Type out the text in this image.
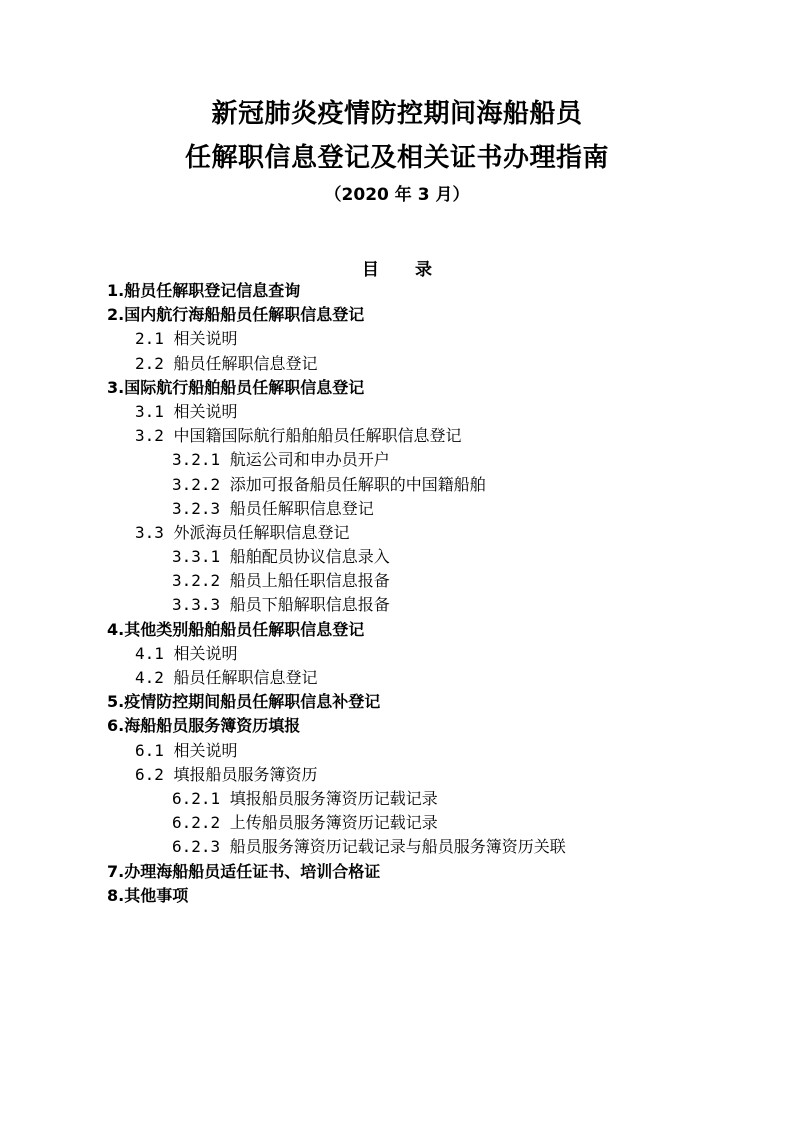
新冠肺炎疫情防控期间海船船员
任解职信息登记及相关证书办理指南
（2020 年 3 月）
目录
1.船员任解职登记信息查询
2.国内航行海船船员任解职信息登记
2.1 相关说明
2.2 船员任解职信息登记
3.国际航行船舶船员任解职信息登记
3.1 相关说明
3.2 中国籍国际航行船舶船员任解职信息登记
3.2.1 航运公司和申办员开户
3.2.2 添加可报备船员任解职的中国籍船舶
3.2.3 船员任解职信息登记
3.3 外派海员任解职信息登记
3.3.1 船舶配员协议信息录入
3.2.2 船员上船任职信息报备
3.3.3 船员下船解职信息报备
4.其他类别船舶船员任解职信息登记
4.1 相关说明
4.2 船员任解职信息登记
5.疫情防控期间船员任解职信息补登记
6.海船船员服务簿资历填报
6.1 相关说明
6.2 填报船员服务簿资历
6.2.1 填报船员服务簿资历记载记录
6.2.2 上传船员服务簿资历记载记录
6.2.3 船员服务簿资历记载记录与船员服务簿资历关联
7.办理海船船员适任证书、培训合格证
8.其他事项
